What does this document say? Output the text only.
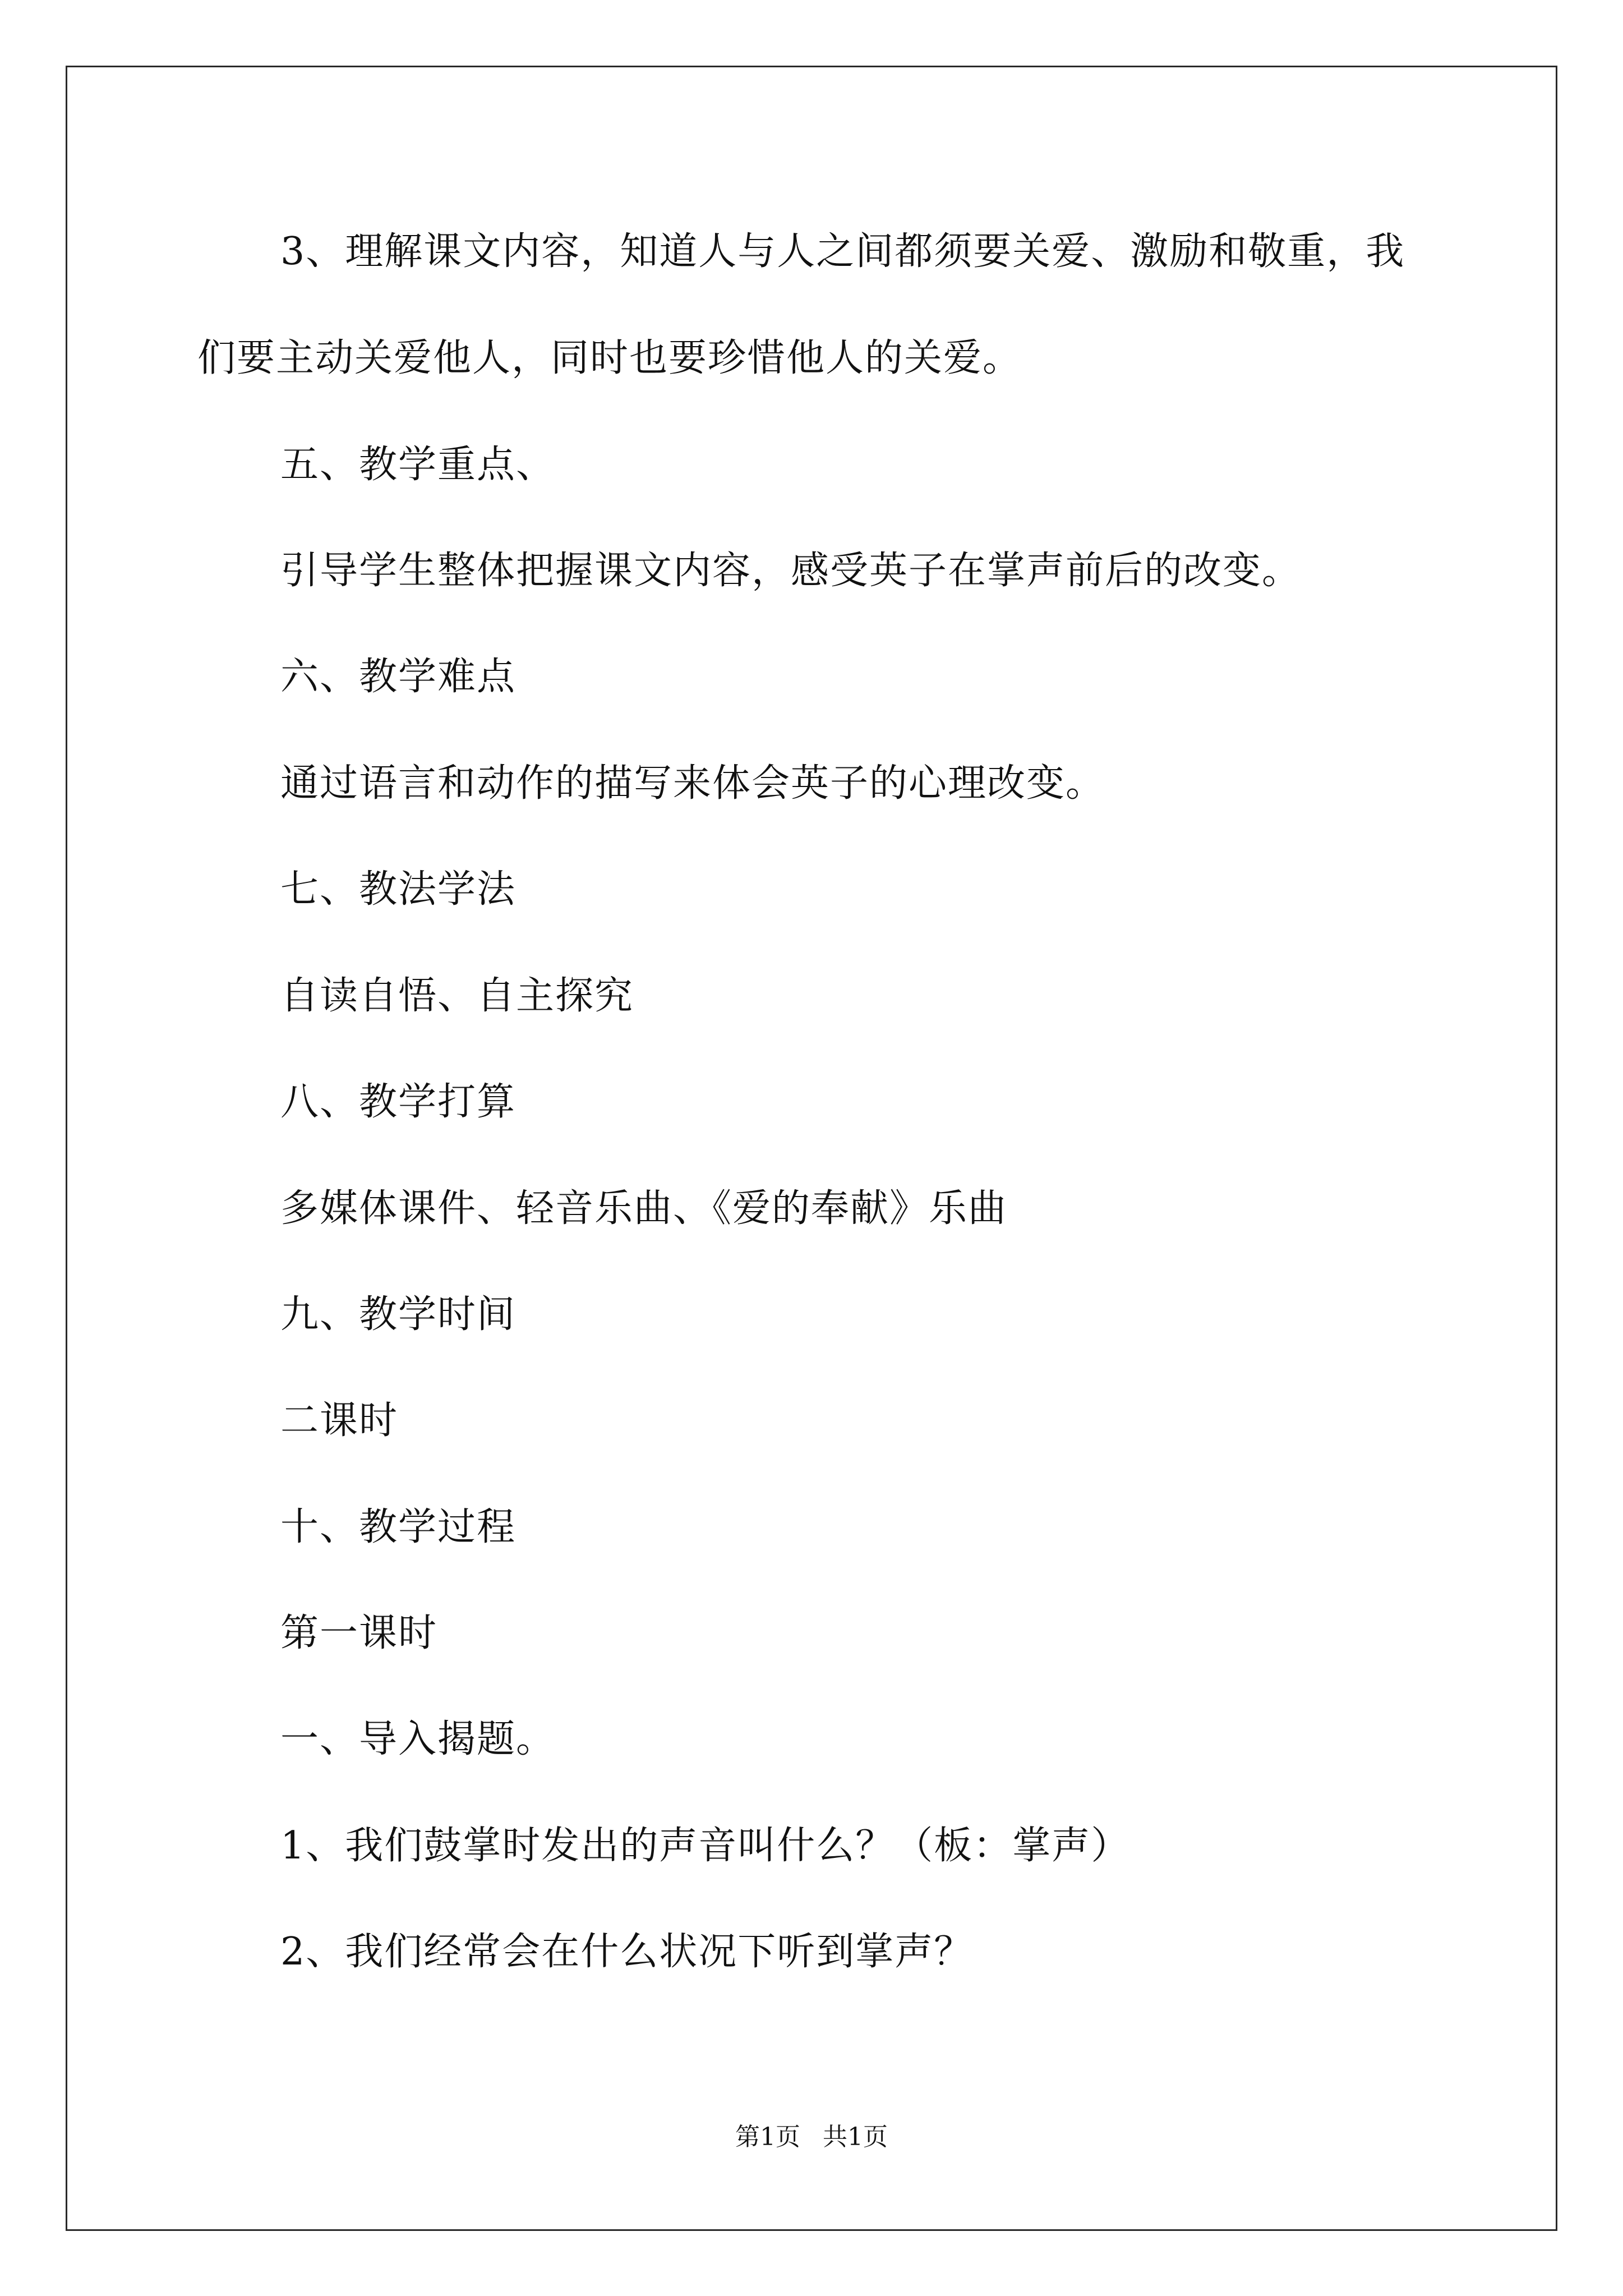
3、理解课文内容，知道人与人之间都须要关爱、激励和敬重，我
们要主动关爱他人，同时也要珍惜他人的关爱。
五、教学重点、
引导学生整体把握课文内容，感受英子在掌声前后的改变。
六、教学难点
通过语言和动作的描写来体会英子的心理改变。
七、教法学法
自读自悟、自主探究
八、教学打算
多媒体课件、轻音乐曲、《爱的奉献》乐曲
九、教学时间
二课时
十、教学过程
第一课时
一、导入揭题。
1、我们鼓掌时发出的声音叫什么？（板：掌声）
2、我们经常会在什么状况下听到掌声？
第1页 共1页
